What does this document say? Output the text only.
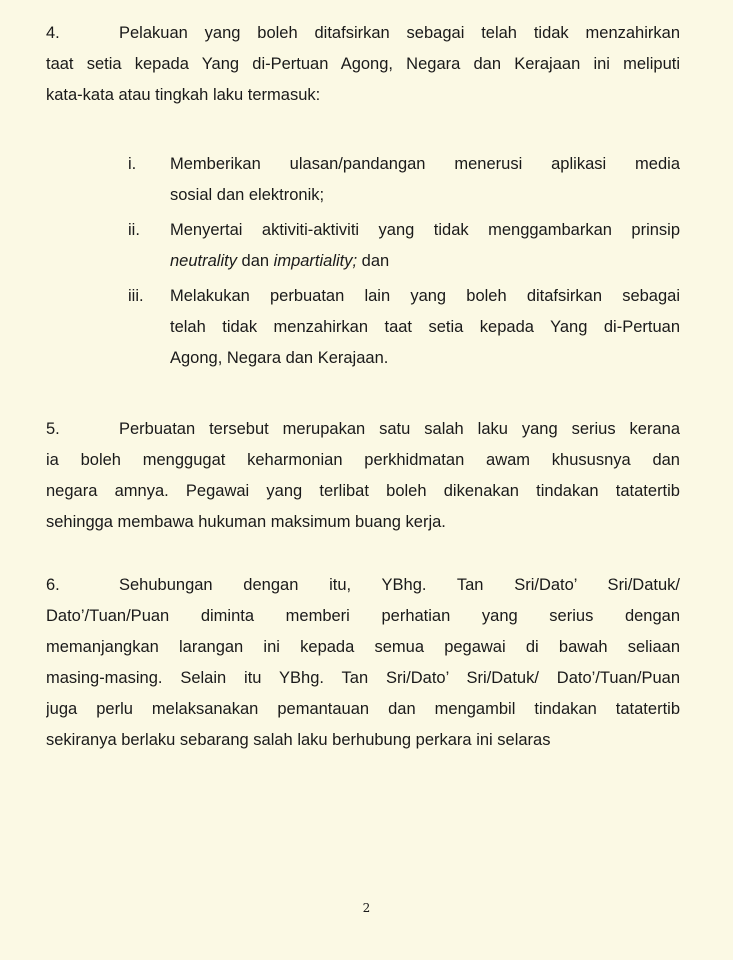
4.	Pelakuan yang boleh ditafsirkan sebagai telah tidak menzahirkan
taat setia kepada Yang di-Pertuan Agong, Negara dan Kerajaan ini meliputi
kata-kata atau tingkah laku termasuk:
i.	Memberikan ulasan/pandangan menerusi aplikasi media
sosial dan elektronik;
ii.	Menyertai aktiviti-aktiviti yang tidak menggambarkan prinsip
neutrality dan impartiality; dan
iii.	Melakukan perbuatan lain yang boleh ditafsirkan sebagai
telah tidak menzahirkan taat setia kepada Yang di-Pertuan
Agong, Negara dan Kerajaan.
5.	Perbuatan tersebut merupakan satu salah laku yang serius kerana
ia boleh menggugat keharmonian perkhidmatan awam khususnya dan
negara amnya. Pegawai yang terlibat boleh dikenakan tindakan tatatertib
sehingga membawa hukuman maksimum buang kerja.
6.	Sehubungan dengan itu, YBhg. Tan Sri/Dato’ Sri/Datuk/
Dato’/Tuan/Puan diminta memberi perhatian yang serius dengan
memanjangkan larangan ini kepada semua pegawai di bawah seliaan
masing-masing. Selain itu YBhg. Tan Sri/Dato’ Sri/Datuk/ Dato’/Tuan/Puan
juga perlu melaksanakan pemantauan dan mengambil tindakan tatatertib
sekiranya berlaku sebarang salah laku berhubung perkara ini selaras
2
